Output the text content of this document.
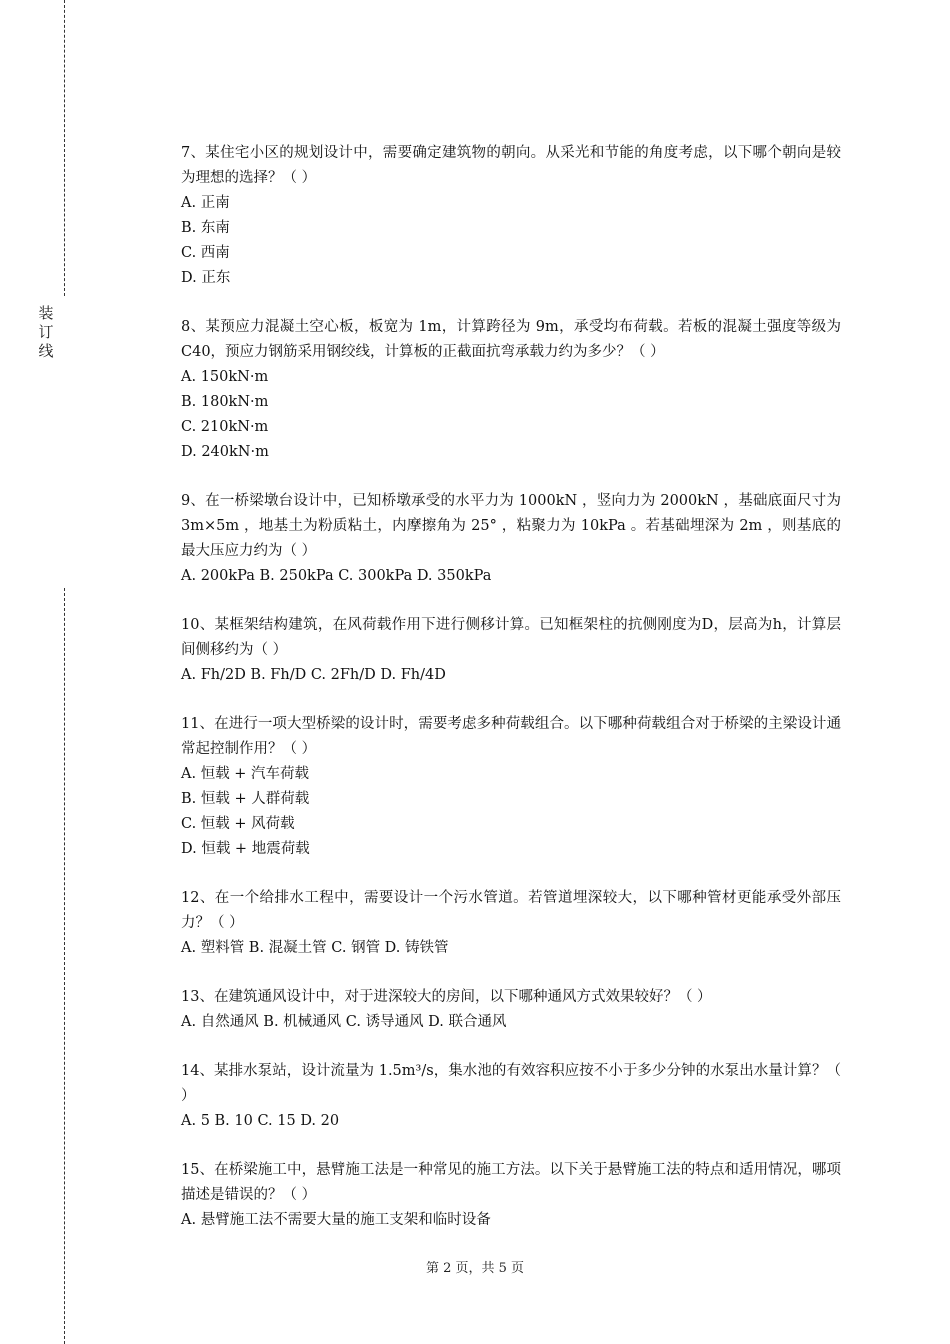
装
订
线

7、某住宅小区的规划设计中，需要确定建筑物的朝向。从采光和节能的角度考虑，以下哪个朝向是较为理想的选择？（ ）

A. 正南

B. 东南

C. 西南

D. 正东

8、某预应力混凝土空心板，板宽为 1m，计算跨径为 9m，承受均布荷载。若板的混凝土强度等级为 C40，预应力钢筋采用钢绞线，计算板的正截面抗弯承载力约为多少？（ ）

A. 150kN·m

B. 180kN·m

C. 210kN·m

D. 240kN·m

9、在一桥梁墩台设计中，已知桥墩承受的水平力为 1000kN ，竖向力为 2000kN ，基础底面尺寸为 3m×5m ，地基土为粉质粘土，内摩擦角为 25° ，粘聚力为 10kPa 。若基础埋深为 2m ，则基底的最大压应力约为（ ）

A. 200kPa B. 250kPa C. 300kPa D. 350kPa

10、某框架结构建筑，在风荷载作用下进行侧移计算。已知框架柱的抗侧刚度为D，层高为h，计算层间侧移约为（ ）

A. Fh/2D B. Fh/D C. 2Fh/D D. Fh/4D

11、在进行一项大型桥梁的设计时，需要考虑多种荷载组合。以下哪种荷载组合对于桥梁的主梁设计通常起控制作用？（ ）

A. 恒载 + 汽车荷载

B. 恒载 + 人群荷载

C. 恒载 + 风荷载

D. 恒载 + 地震荷载

12、在一个给排水工程中，需要设计一个污水管道。若管道埋深较大，以下哪种管材更能承受外部压力？（ ）

A. 塑料管 B. 混凝土管 C. 钢管 D. 铸铁管

13、在建筑通风设计中，对于进深较大的房间，以下哪种通风方式效果较好？（ ）

A. 自然通风 B. 机械通风 C. 诱导通风 D. 联合通风

14、某排水泵站，设计流量为 1.5m³/s，集水池的有效容积应按不小于多少分钟的水泵出水量计算？（ ）

A. 5 B. 10 C. 15 D. 20

15、在桥梁施工中，悬臂施工法是一种常见的施工方法。以下关于悬臂施工法的特点和适用情况，哪项描述是错误的？（ ）

A. 悬臂施工法不需要大量的施工支架和临时设备

第 2 页，共 5 页
